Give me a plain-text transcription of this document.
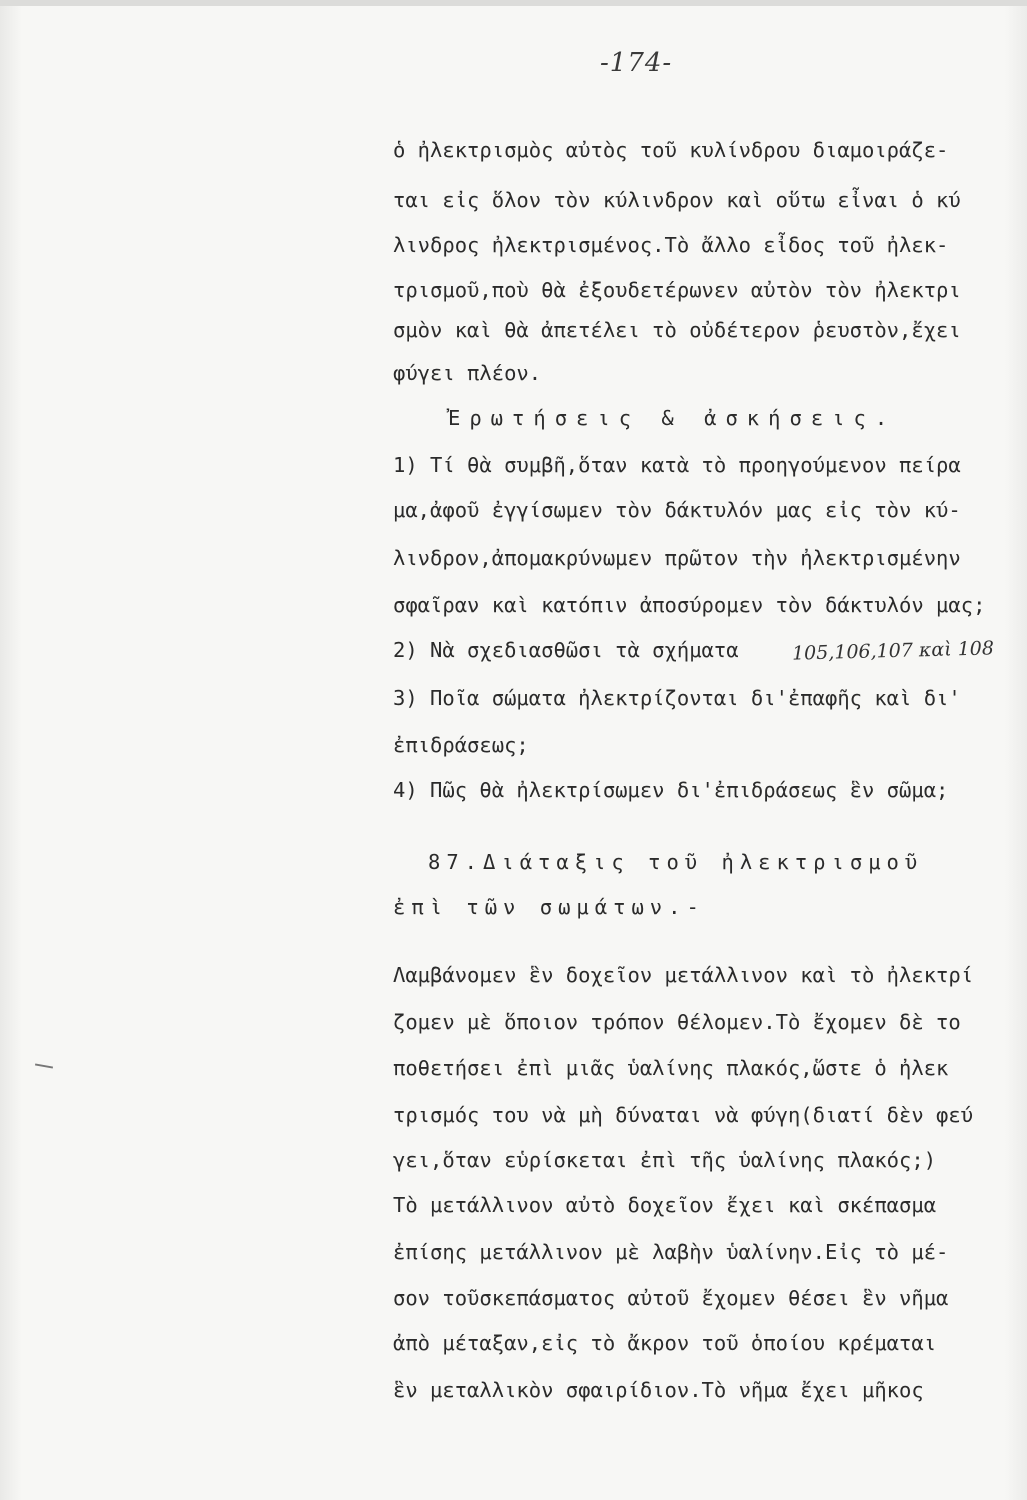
-174-
ὁ ἠλεκτρισμὸς αὐτὸς τοῦ κυλίνδρου διαμοιράζε-
ται εἰς ὅλον τὸν κύλινδρον καὶ οὕτω εἶναι ὁ κύ
λινδρος ἠλεκτρισμένος.Τὸ ἄλλο εἶδος τοῦ ἠλεκ-
τρισμοῦ,ποὺ θὰ ἐξουδετέρωνεν αὐτὸν τὸν ἠλεκτρι
σμὸν καὶ θὰ ἀπετέλει τὸ οὐδέτερον ῥευστὸν,ἔχει
φύγει πλέον.
Ἐρωτήσεις & ἀσκήσεις.
1) Τί θὰ συμβῆ,ὅταν κατὰ τὸ προηγούμενον πείρα
μα,ἀφοῦ ἐγγίσωμεν τὸν δάκτυλόν μας εἰς τὸν κύ-
λινδρον,ἀπομακρύνωμεν πρῶτον τὴν ἠλεκτρισμένην
σφαῖραν καὶ κατόπιν ἀποσύρομεν τὸν δάκτυλόν μας;
2) Νὰ σχεδιασθῶσι τὰ σχήματα	105,106,107 καὶ 108
3) Ποῖα σώματα ἠλεκτρίζονται δι'ἐπαφῆς καὶ δι'
ἐπιδράσεως;
4) Πῶς θὰ ἠλεκτρίσωμεν δι'ἐπιδράσεως ἓν σῶμα;
87.Διάταξις τοῦ ἠλεκτρισμοῦ
ἐπὶ τῶν σωμάτων.-
Λαμβάνομεν ἓν δοχεῖον μετάλλινον καὶ τὸ ἠλεκτρί
ζομεν μὲ ὅποιον τρόπον θέλομεν.Τὸ ἔχομεν δὲ το
ποθετήσει ἐπὶ μιᾶς ὑαλίνης πλακός,ὥστε ὁ ἠλεκ
τρισμός του νὰ μὴ δύναται νὰ φύγη(διατί δὲν φεύ
γει,ὅταν εὑρίσκεται ἐπὶ τῆς ὑαλίνης πλακός;)
Τὸ μετάλλινον αὐτὸ δοχεῖον ἔχει καὶ σκέπασμα
ἐπίσης μετάλλινον μὲ λαβὴν ὑαλίνην.Εἰς τὸ μέ-
σον τοῦσκεπάσματος αὐτοῦ ἔχομεν θέσει ἓν νῆμα
ἀπὸ μέταξαν,εἰς τὸ ἄκρον τοῦ ὁποίου κρέμαται
ἓν μεταλλικὸν σφαιρίδιον.Τὸ νῆμα ἔχει μῆκος
